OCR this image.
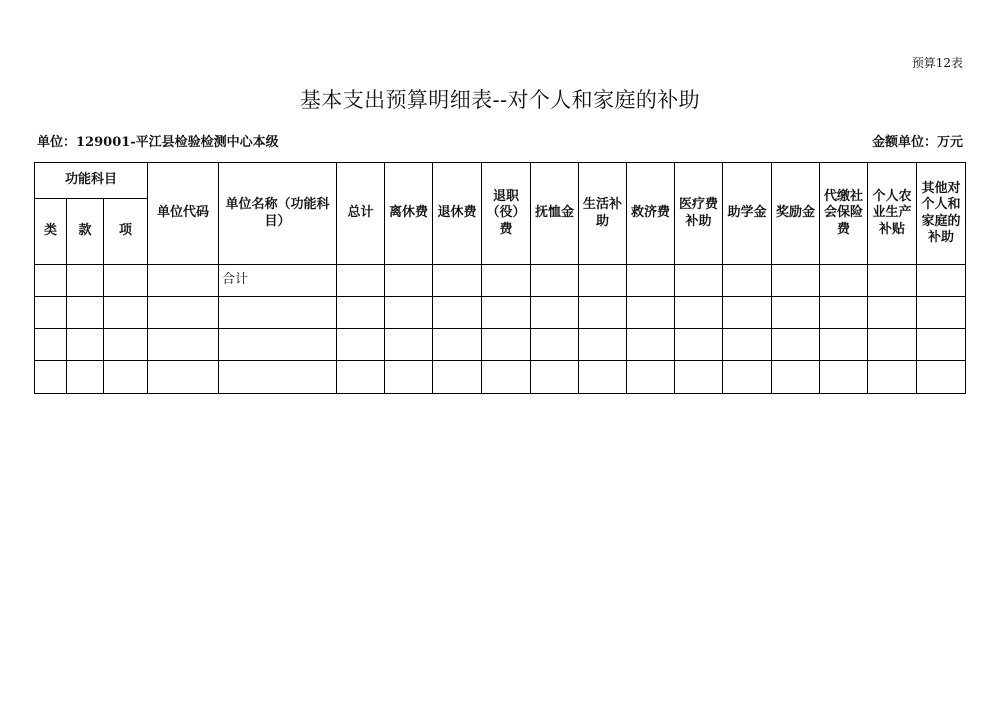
预算12表
基本支出预算明细表--对个人和家庭的补助
单位：129001-平江县检验检测中心本级	金额单位：万元
功能科目			单位代码	单位名称（功能科目）	总计	离休费	退休费	退职（役）费	抚恤金	生活补助	救济费	医疗费补助	助学金	奖励金	代缴社会保险费	个人农业生产补贴	其他对个人和家庭的补助
类	款	项															
				合计													
